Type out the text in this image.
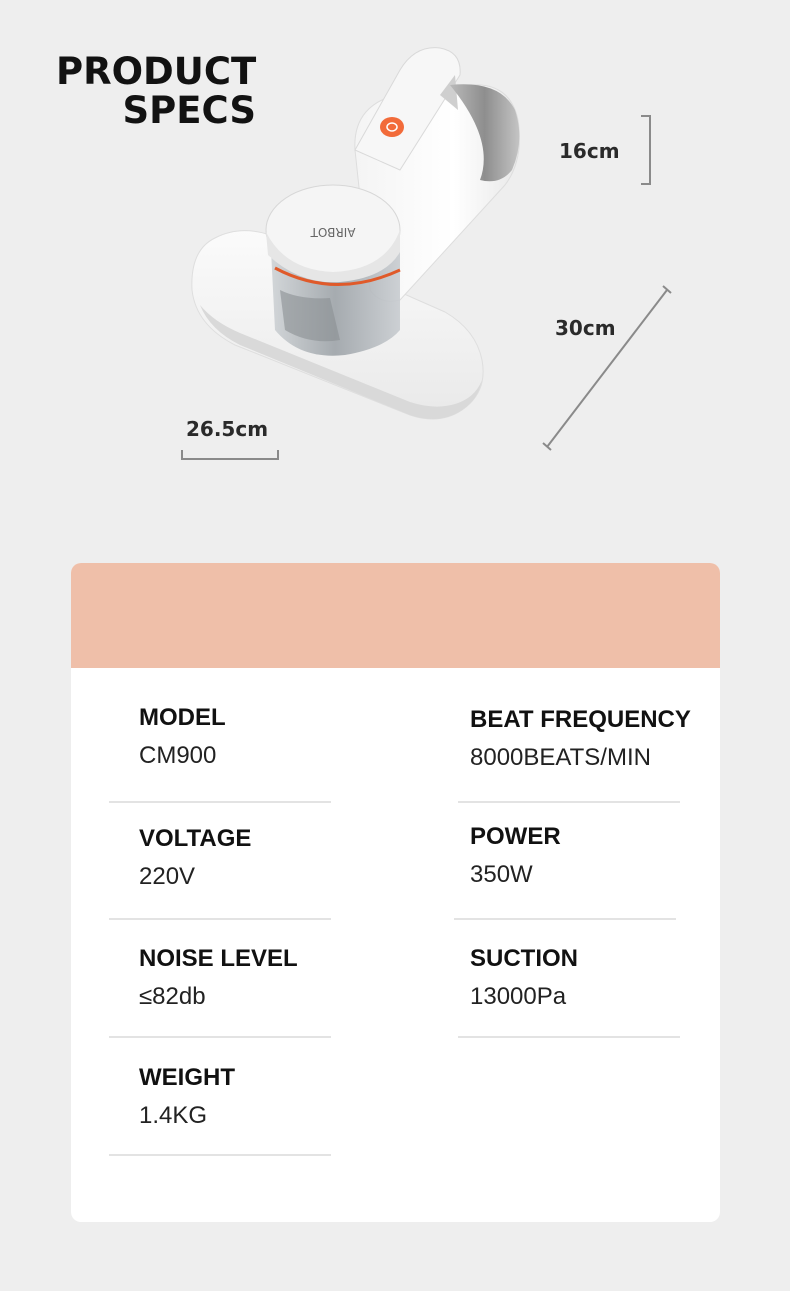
PRODUCT
SPECS
AIRBOT
16cm
30cm
26.5cm
MODEL
CM900
BEAT FREQUENCY
8000BEATS/MIN
VOLTAGE
220V
POWER
350W
NOISE LEVEL
≤82db
SUCTION
13000Pa
WEIGHT
1.4KG
